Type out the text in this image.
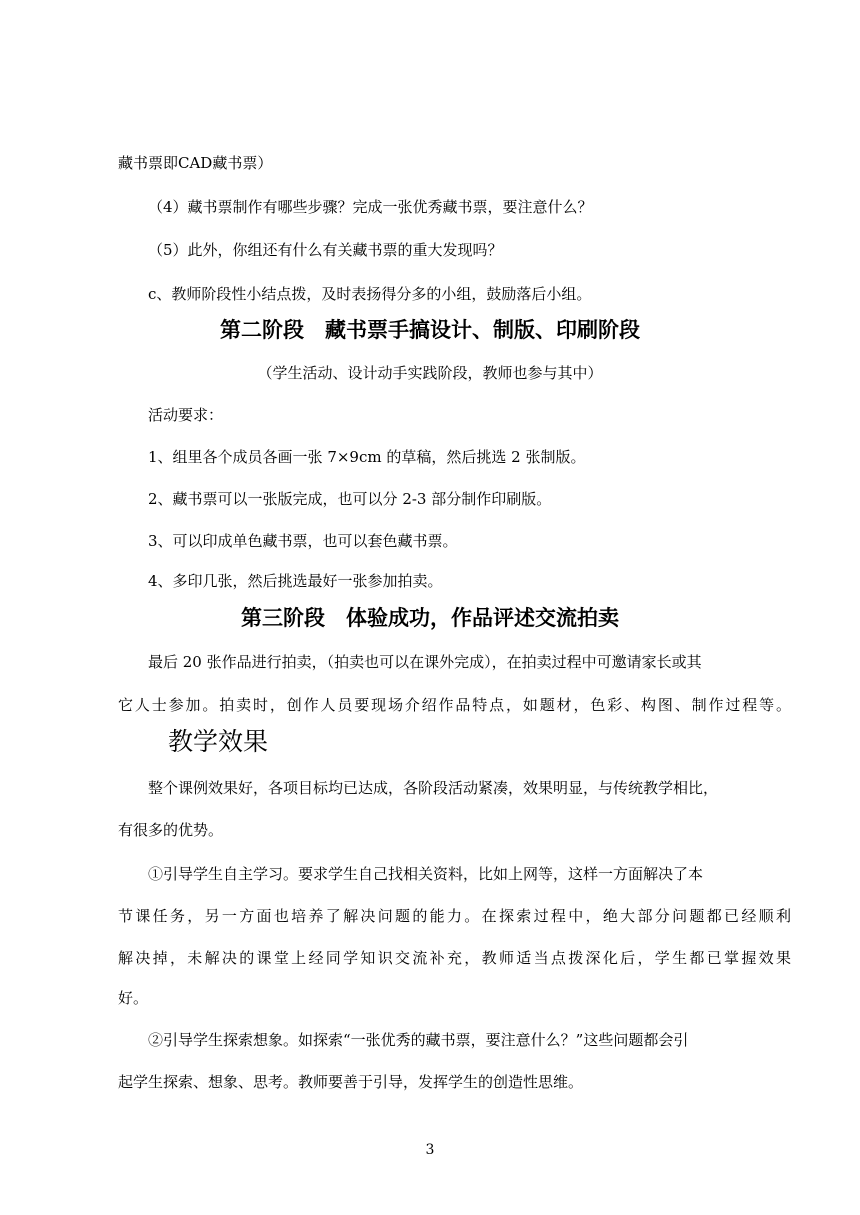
藏书票即CAD藏书票）
（4）藏书票制作有哪些步骤？完成一张优秀藏书票，要注意什么？
（5）此外，你组还有什么有关藏书票的重大发现吗？
c、教师阶段性小结点拨，及时表扬得分多的小组，鼓励落后小组。
第二阶段　藏书票手搞设计、制版、印刷阶段
（学生活动、设计动手实践阶段，教师也参与其中）
活动要求：
1、组里各个成员各画一张 7×9cm 的草稿，然后挑选 2 张制版。
2、藏书票可以一张版完成，也可以分 2-3 部分制作印刷版。
3、可以印成单色藏书票，也可以套色藏书票。
4、多印几张，然后挑选最好一张参加拍卖。
第三阶段　体验成功，作品评述交流拍卖
最后 20 张作品进行拍卖，（拍卖也可以在课外完成），在拍卖过程中可邀请家长或其
它人士参加。拍卖时，创作人员要现场介绍作品特点，如题材，色彩、构图、制作过程等。
教学效果
整个课例效果好，各项目标均已达成，各阶段活动紧凑，效果明显，与传统教学相比，
有很多的优势。
①引导学生自主学习。要求学生自己找相关资料，比如上网等，这样一方面解决了本
节课任务，另一方面也培养了解决问题的能力。在探索过程中，绝大部分问题都已经顺利
解决掉，未解决的课堂上经同学知识交流补充，教师适当点拨深化后，学生都已掌握效果
好。
②引导学生探索想象。如探索“一张优秀的藏书票，要注意什么？”这些问题都会引
起学生探索、想象、思考。教师要善于引导，发挥学生的创造性思维。
3
